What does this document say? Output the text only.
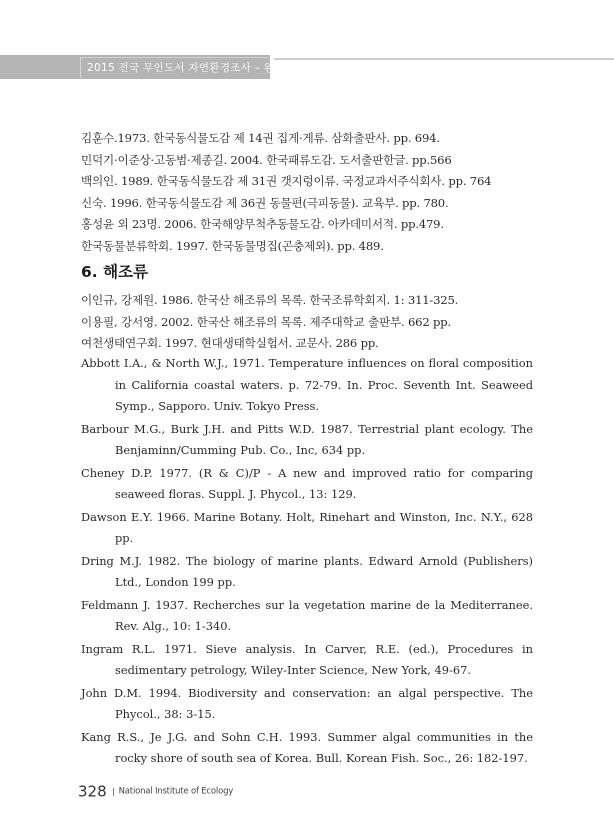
2015 전국 무인도서 자연환경조사 – 완도 권역
김훈수.1973. 한국동식물도감 제 14권 집게·게류. 삼화출판사. pp. 694.
민덕기·이준상·고동범·제종길. 2004. 한국패류도감. 도서출판한글. pp.566
백의인. 1989. 한국동식물도감 제 31권 갯지렁이류. 국정교과서주식회사. pp. 764
신숙. 1996. 한국동식물도감 제 36권 동물편(극피동물). 교육부. pp. 780.
홍성윤 외 23명. 2006. 한국해양무척추동물도감. 아카데미서적. pp.479.
한국동물분류학회. 1997. 한국동물명집(곤충제외). pp. 489.
6. 해조류
이인규, 강제원. 1986. 한국산 해조류의 목록. 한국조류학회지. 1: 311-325.
이용필, 강서영. 2002. 한국산 해조류의 목록. 제주대학교 출판부. 662 pp.
여천생태연구회. 1997. 현대생태학실험서. 교문사. 286 pp.
Abbott I.A., & North W.J., 1971. Temperature influences on floral composition in California coastal waters. p. 72-79. In. Proc. Seventh Int. Seaweed Symp., Sapporo. Univ. Tokyo Press.
Barbour M.G., Burk J.H. and Pitts W.D. 1987. Terrestrial plant ecology. The Benjaminn/Cumming Pub. Co., Inc, 634 pp.
Cheney D.P. 1977. (R & C)/P - A new and improved ratio for comparing seaweed floras. Suppl. J. Phycol., 13: 129.
Dawson E.Y. 1966. Marine Botany. Holt, Rinehart and Winston, Inc. N.Y., 628 pp.
Dring M.J. 1982. The biology of marine plants. Edward Arnold (Publishers) Ltd., London 199 pp.
Feldmann J. 1937. Recherches sur la vegetation marine de la Mediterranee. Rev. Alg., 10: 1-340.
Ingram R.L. 1971. Sieve analysis. In Carver, R.E. (ed.), Procedures in sedimentary petrology, Wiley-Inter Science, New York, 49-67.
John D.M. 1994. Biodiversity and conservation: an algal perspective. The Phycol., 38: 3-15.
Kang R.S., Je J.G. and Sohn C.H. 1993. Summer algal communities in the rocky shore of south sea of Korea. Bull. Korean Fish. Soc., 26: 182-197.
328 National Institute of Ecology
